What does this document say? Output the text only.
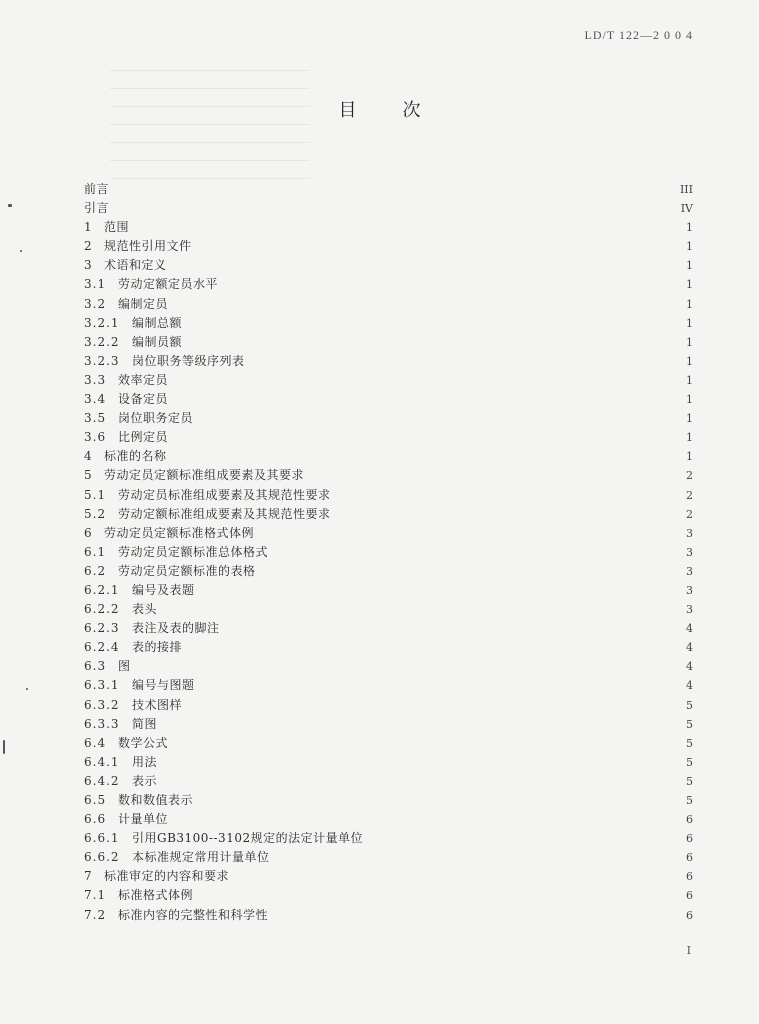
LD/T 122—2 0 0 4
目	次
前言	III
引言	IV
1 范围	1
2 规范性引用文件	1
3 术语和定义	1
3.1 劳动定额定员水平	1
3.2 编制定员	1
3.2.1	编制总额	1
3.2.2	编制员额	1
3.2.3	岗位职务等级序列表	1
3.3 效率定员	1
3.4 设备定员	1
3.5 岗位职务定员	1
3.6 比例定员	1
4 标准的名称	1
5 劳动定员定额标准组成要素及其要求	2
5.1 劳动定员标准组成要素及其规范性要求	2
5.2 劳动定额标准组成要素及其规范性要求	2
6 劳动定员定额标准格式体例	3
6.1 劳动定员定额标准总体格式	3
6.2 劳动定员定额标准的表格	3
6.2.1	编号及表题	3
6.2.2	表头	3
6.2.3	表注及表的脚注	4
6.2.4	表的接排	4
6.3 图	4
6.3.1	编号与图题	4
6.3.2	技术图样	5
6.3.3	简图	5
6.4 数学公式	5
6.4.1	用法	5
6.4.2	表示	5
6.5 数和数值表示	5
6.6 计量单位	6
6.6.1	引用GB3100--3102规定的法定计量单位	6
6.6.2	本标准规定常用计量单位	6
7 标准审定的内容和要求	6
7.1 标准格式体例	6
7.2 标准内容的完整性和科学性	6
I
